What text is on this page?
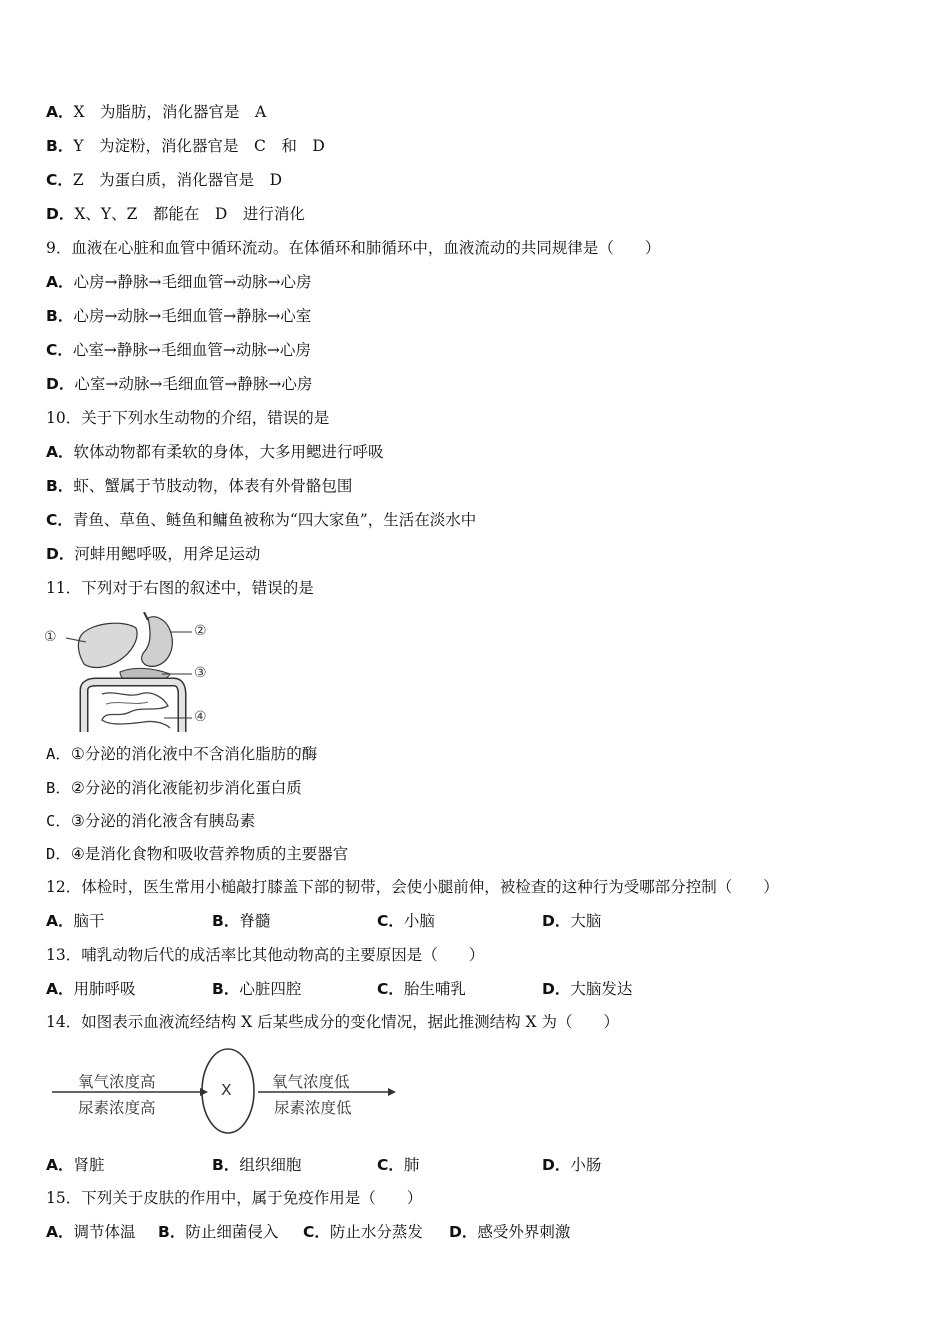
A．X　为脂肪，消化器官是　A
B．Y　为淀粉，消化器官是　C　和　D
C．Z　为蛋白质，消化器官是　D
D．X、Y、Z　都能在　D　进行消化
9．血液在心脏和血管中循环流动。在体循环和肺循环中，血液流动的共同规律是（　　）
A．心房→静脉→毛细血管→动脉→心房
B．心房→动脉→毛细血管→静脉→心室
C．心室→静脉→毛细血管→动脉→心房
D．心室→动脉→毛细血管→静脉→心房
10．关于下列水生动物的介绍，错误的是
A．软体动物都有柔软的身体，大多用鳃进行呼吸
B．虾、蟹属于节肢动物，体表有外骨骼包围
C．青鱼、草鱼、鲢鱼和鳙鱼被称为“四大家鱼”，生活在淡水中
D．河蚌用鳃呼吸，用斧足运动
11．下列对于右图的叙述中，错误的是
①	②
③
④
A．①分泌的消化液中不含消化脂肪的酶
B．②分泌的消化液能初步消化蛋白质
C．③分泌的消化液含有胰岛素
D．④是消化食物和吸收营养物质的主要器官
12．体检时，医生常用小槌敲打膝盖下部的韧带，会使小腿前伸，被检查的这种行为受哪部分控制（　　）
A．脑干	B．脊髓	C．小脑	D．大脑
13．哺乳动物后代的成活率比其他动物高的主要原因是（　　）
A．用肺呼吸	B．心脏四腔	C．胎生哺乳	D．大脑发达
14．如图表示血液流经结构 X 后某些成分的变化情况，据此推测结构 X 为（　　）
氧气浓度高
尿素浓度高
X	氧气浓度低
尿素浓度低
A．肾脏	B．组织细胞	C．肺	D．小肠
15．下列关于皮肤的作用中，属于免疫作用是（　　）
A．调节体温 B．防止细菌侵入 C．防止水分蒸发 D．感受外界刺激
